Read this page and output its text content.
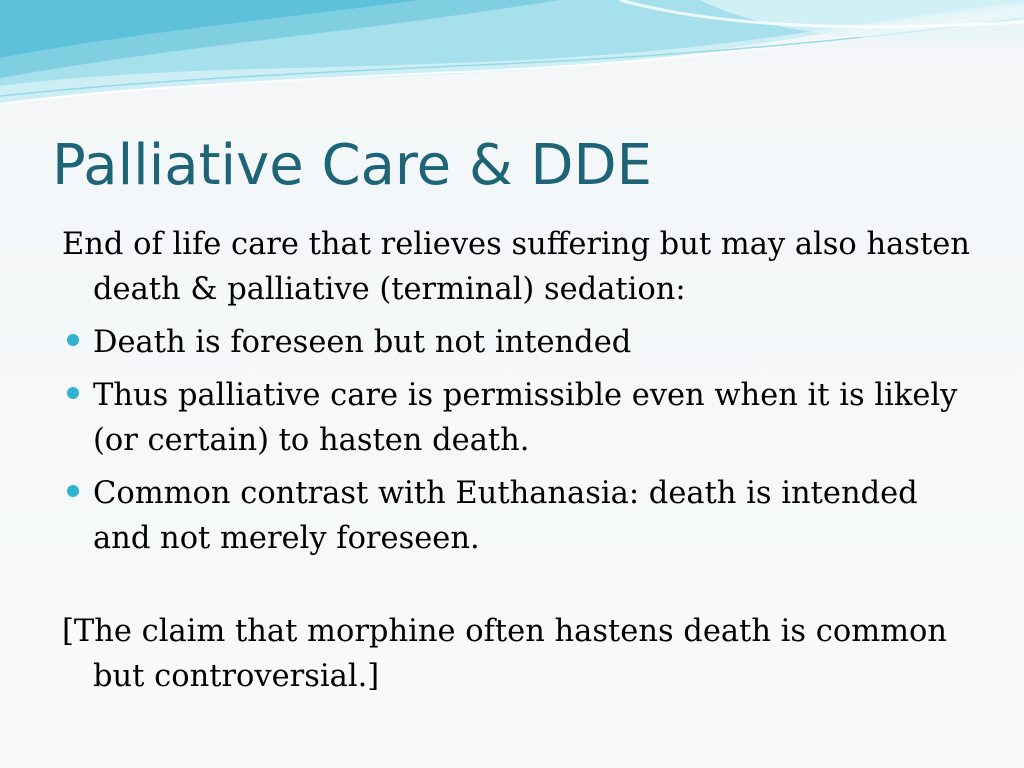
Palliative Care & DDE

End of life care that relieves suffering but may also hasten death & palliative (terminal) sedation:

Death is foreseen but not intended
Thus palliative care is permissible even when it is likely (or certain) to hasten death.
Common contrast with Euthanasia: death is intended and not merely foreseen.

[The claim that morphine often hastens death is common but controversial.]
